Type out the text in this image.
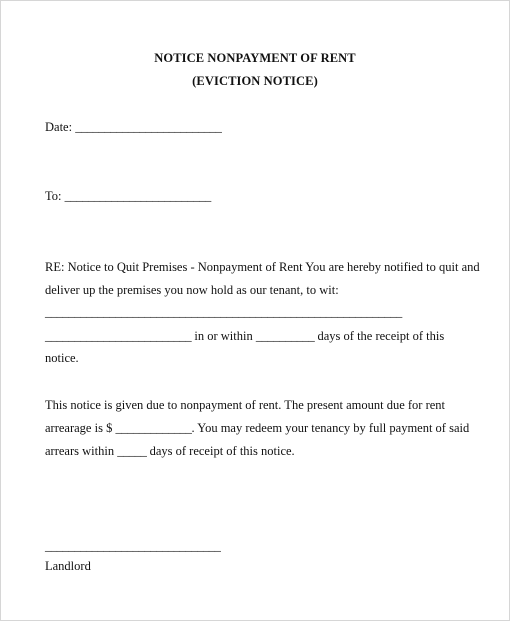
NOTICE NONPAYMENT OF RENT
(EVICTION NOTICE)
Date: _________________________
To: _________________________
RE: Notice to Quit Premises - Nonpayment of Rent You are hereby notified to quit and
deliver up the premises you now hold as our tenant, to wit:
_____________________________________________________________
_________________________ in or within __________ days of the receipt of this
notice.
This notice is given due to nonpayment of rent. The present amount due for rent
arrearage is $ _____________. You may redeem your tenancy by full payment of said
arrears within _____ days of receipt of this notice.
______________________________
Landlord
